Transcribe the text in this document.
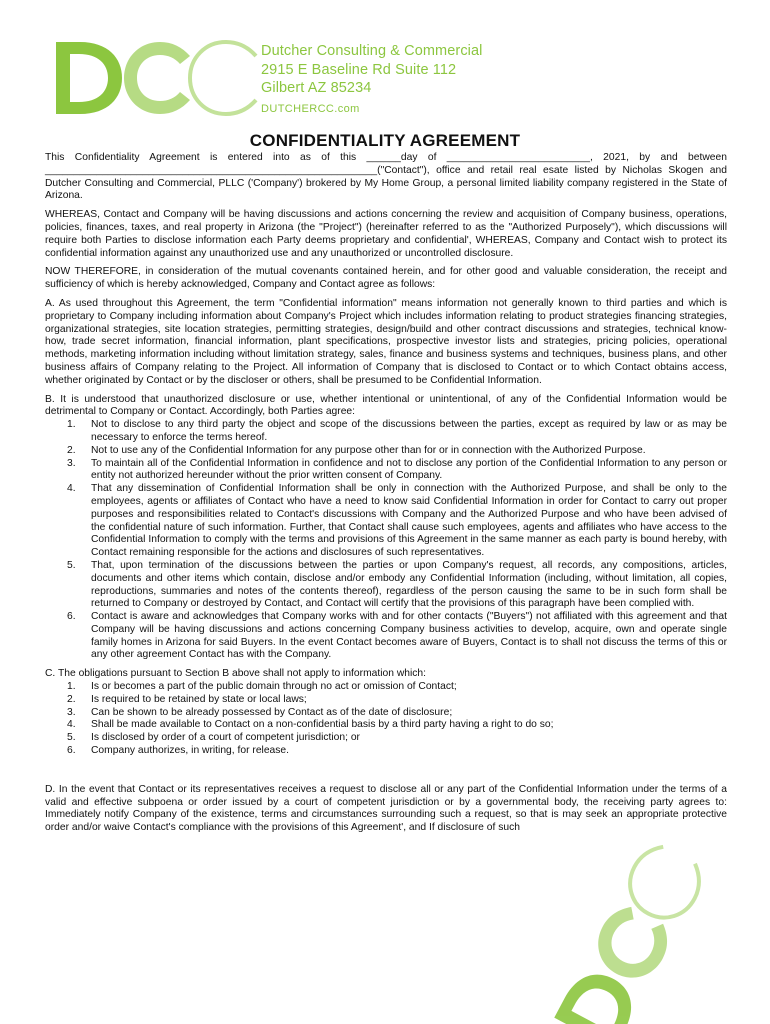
Dutcher Consulting & Commercial
2915 E Baseline Rd Suite 112
Gilbert AZ 85234
DUTCHERCC.com
CONFIDENTIALITY AGREEMENT

This Confidentiality Agreement is entered into as of this ______day of _________________________, 2021, by and between __________________________________________________________("Contact"), office and retail real esate listed by Nicholas Skogen and Dutcher Consulting and Commercial, PLLC ('Company') brokered by My Home Group, a personal limited liability company registered in the State of Arizona.

WHEREAS, Contact and Company will be having discussions and actions concerning the review and acquisition of Company business, operations, policies, finances, taxes, and real property in Arizona (the "Project") (hereinafter referred to as the "Authorized Purposely"), which discussions will require both Parties to disclose information each Party deems proprietary and confidential', WHEREAS, Company and Contact wish to protect its confidential information against any unauthorized use and any unauthorized or uncontrolled disclosure.

NOW THEREFORE, in consideration of the mutual covenants contained herein, and for other good and valuable consideration, the receipt and sufficiency of which is hereby acknowledged, Company and Contact agree as follows:

A. As used throughout this Agreement, the term "Confidential information" means information not generally known to third parties and which is proprietary to Company including information about Company's Project which includes information relating to product strategies financing strategies, organizational strategies, site location strategies, permitting strategies, design/build and other contract discussions and strategies, technical know-how, trade secret information, financial information, plant specifications, prospective investor lists and strategies, pricing policies, operational methods, marketing information including without limitation strategy, sales, finance and business systems and techniques, business plans, and other business affairs of Company relating to the Project. All information of Company that is disclosed to Contact or to which Contact obtains access, whether originated by Contact or by the discloser or others, shall be presumed to be Confidential Information.

B. It is understood that unauthorized disclosure or use, whether intentional or unintentional, of any of the Confidential Information would be detrimental to Company or Contact. Accordingly, both Parties agree:

1. Not to disclose to any third party the object and scope of the discussions between the parties, except as required by law or as may be necessary to enforce the terms hereof.
2. Not to use any of the Confidential Information for any purpose other than for or in connection with the Authorized Purpose.
3. To maintain all of the Confidential Information in confidence and not to disclose any portion of the Confidential Information to any person or entity not authorized hereunder without the prior written consent of Company.
4. That any dissemination of Confidential Information shall be only in connection with the Authorized Purpose, and shall be only to the employees, agents or affiliates of Contact who have a need to know said Confidential Information in order for Contact to carry out proper purposes and responsibilities related to Contact's discussions with Company and the Authorized Purpose and who have been advised of the confidential nature of such information. Further, that Contact shall cause such employees, agents and affiliates who have access to the Confidential Information to comply with the terms and provisions of this Agreement in the same manner as each party is bound hereby, with Contact remaining responsible for the actions and disclosures of such representatives.
5. That, upon termination of the discussions between the parties or upon Company's request, all records, any compositions, articles, documents and other items which contain, disclose and/or embody any Confidential Information (including, without limitation, all copies, reproductions, summaries and notes of the contents thereof), regardless of the person causing the same to be in such form shall be returned to Company or destroyed by Contact, and Contact will certify that the provisions of this paragraph have been complied with.
6. Contact is aware and acknowledges that Company works with and for other contacts ("Buyers") not affiliated with this agreement and that Company will be having discussions and actions concerning Company business activities to develop, acquire, own and operate single family homes in Arizona for said Buyers. In the event Contact becomes aware of Buyers, Contact is to shall not discuss the terms of this or any other agreement Contact has with the Company.

C. The obligations pursuant to Section B above shall not apply to information which:

1. Is or becomes a part of the public domain through no act or omission of Contact;
2. Is required to be retained by state or local laws;
3. Can be shown to be already possessed by Contact as of the date of disclosure;
4. Shall be made available to Contact on a non-confidential basis by a third party having a right to do so;
5. Is disclosed by order of a court of competent jurisdiction; or
6. Company authorizes, in writing, for release.

D. In the event that Contact or its representatives receives a request to disclose all or any part of the Confidential Information under the terms of a valid and effective subpoena or order issued by a court of competent jurisdiction or by a governmental body, the receiving party agrees to: Immediately notify Company of the existence, terms and circumstances surrounding such a request, so that is may seek an appropriate protective order and/or waive Contact's compliance with the provisions of this Agreement', and If disclosure of such
